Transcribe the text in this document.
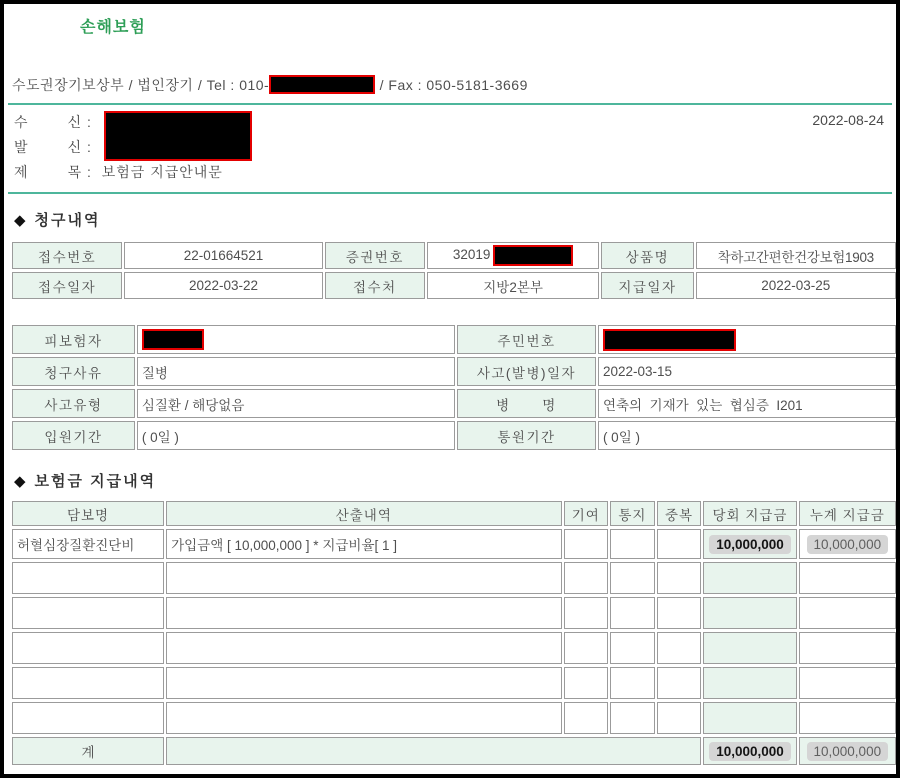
손해보험
수도권장기보상부 / 법인장기 / Tel : 010-	/ Fax : 050-5181-3669
수        신 :
발        신 :
제        목 :  보험금 지급안내문
2022-08-24
◆ 청구내역
접수번호	22-01664521	증권번호	32019	상품명	착하고간편한건강보험1903
접수일자	2022-03-22	접수처	지방2본부	지급일자	2022-03-25
피보험자		주민번호	
청구사유	질병	사고(발병)일자	2022-03-15
사고유형	심질환 / 해당없음	병      명	연축의  기재가  있는  협심증  I201
입원기간	( 0일 )	통원기간	( 0일 )
◆ 보험금 지급내역
담보명	산출내역	기여	통지	중복	당회 지급금	누계 지급금
허혈심장질환진단비	가입금액 [ 10,000,000 ] * 지급비율[ 1 ]				10,000,000	10,000,000

계					10,000,000	10,000,000
